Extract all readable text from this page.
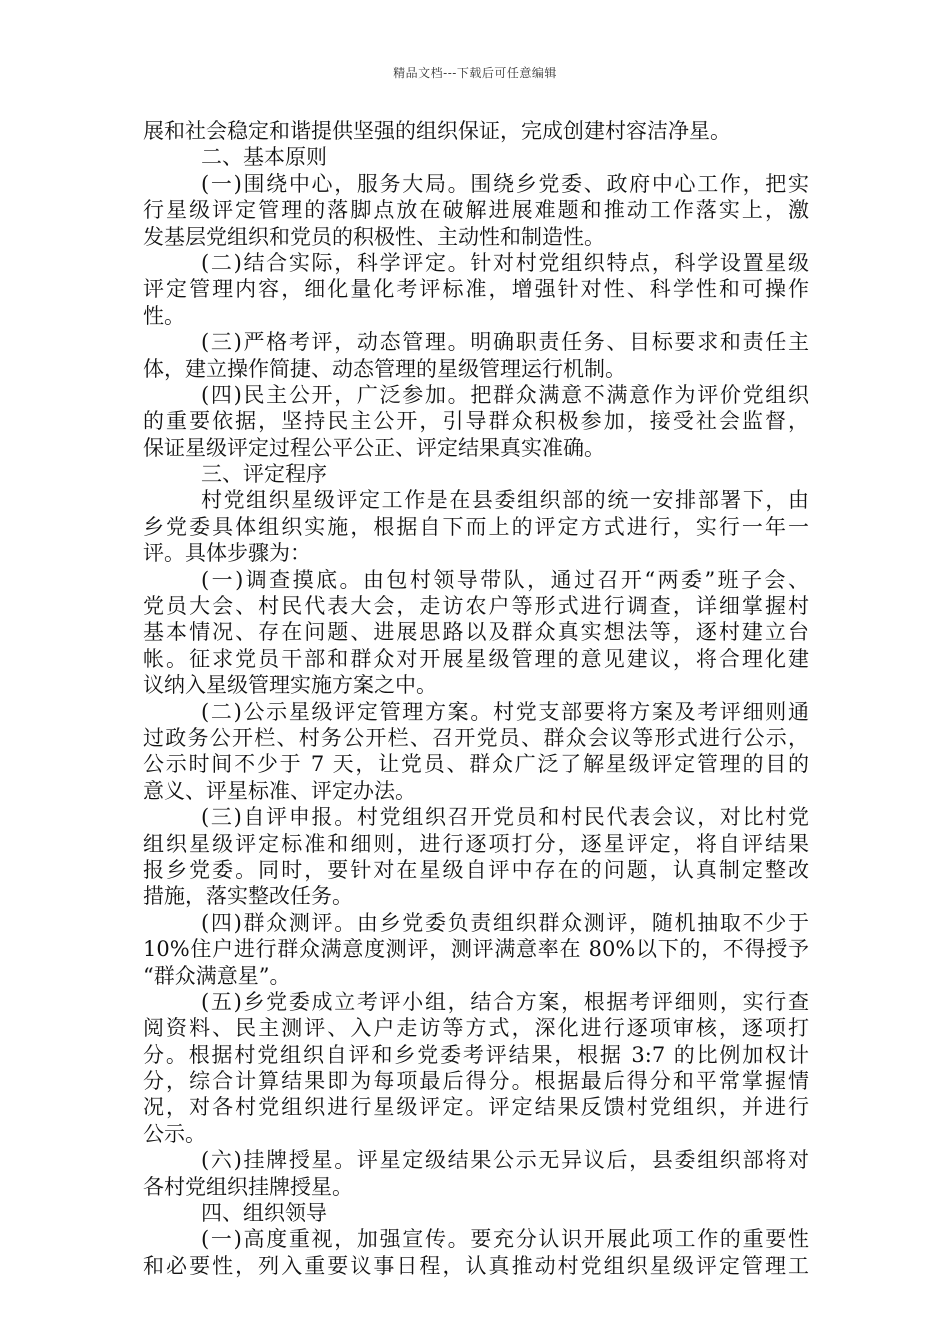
精品文档---下载后可任意编辑
展和社会稳定和谐提供坚强的组织保证，完成创建村容洁净星。
二、基本原则
(一)围绕中心，服务大局。围绕乡党委、政府中心工作，把实
行星级评定管理的落脚点放在破解进展难题和推动工作落实上，激
发基层党组织和党员的积极性、主动性和制造性。
(二)结合实际，科学评定。针对村党组织特点，科学设置星级
评定管理内容，细化量化考评标准，增强针对性、科学性和可操作
性。
(三)严格考评，动态管理。明确职责任务、目标要求和责任主
体，建立操作简捷、动态管理的星级管理运行机制。
(四)民主公开，广泛参加。把群众满意不满意作为评价党组织
的重要依据，坚持民主公开，引导群众积极参加，接受社会监督，
保证星级评定过程公平公正、评定结果真实准确。
三、评定程序
村党组织星级评定工作是在县委组织部的统一安排部署下，由
乡党委具体组织实施，根据自下而上的评定方式进行，实行一年一
评。具体步骤为：
(一)调查摸底。由包村领导带队，通过召开“两委”班子会、
党员大会、村民代表大会，走访农户等形式进行调查，详细掌握村
基本情况、存在问题、进展思路以及群众真实想法等，逐村建立台
帐。征求党员干部和群众对开展星级管理的意见建议，将合理化建
议纳入星级管理实施方案之中。
(二)公示星级评定管理方案。村党支部要将方案及考评细则通
过政务公开栏、村务公开栏、召开党员、群众会议等形式进行公示，
公示时间不少于 7 天，让党员、群众广泛了解星级评定管理的目的
意义、评星标准、评定办法。
(三)自评申报。村党组织召开党员和村民代表会议，对比村党
组织星级评定标准和细则，进行逐项打分，逐星评定，将自评结果
报乡党委。同时，要针对在星级自评中存在的问题，认真制定整改
措施，落实整改任务。
(四)群众测评。由乡党委负责组织群众测评，随机抽取不少于
10%住户进行群众满意度测评，测评满意率在 80%以下的，不得授予
“群众满意星”。
(五)乡党委成立考评小组，结合方案，根据考评细则，实行查
阅资料、民主测评、入户走访等方式，深化进行逐项审核，逐项打
分。根据村党组织自评和乡党委考评结果，根据 3:7 的比例加权计
分，综合计算结果即为每项最后得分。根据最后得分和平常掌握情
况，对各村党组织进行星级评定。评定结果反馈村党组织，并进行
公示。
(六)挂牌授星。评星定级结果公示无异议后，县委组织部将对
各村党组织挂牌授星。
四、组织领导
(一)高度重视，加强宣传。要充分认识开展此项工作的重要性
和必要性，列入重要议事日程，认真推动村党组织星级评定管理工
